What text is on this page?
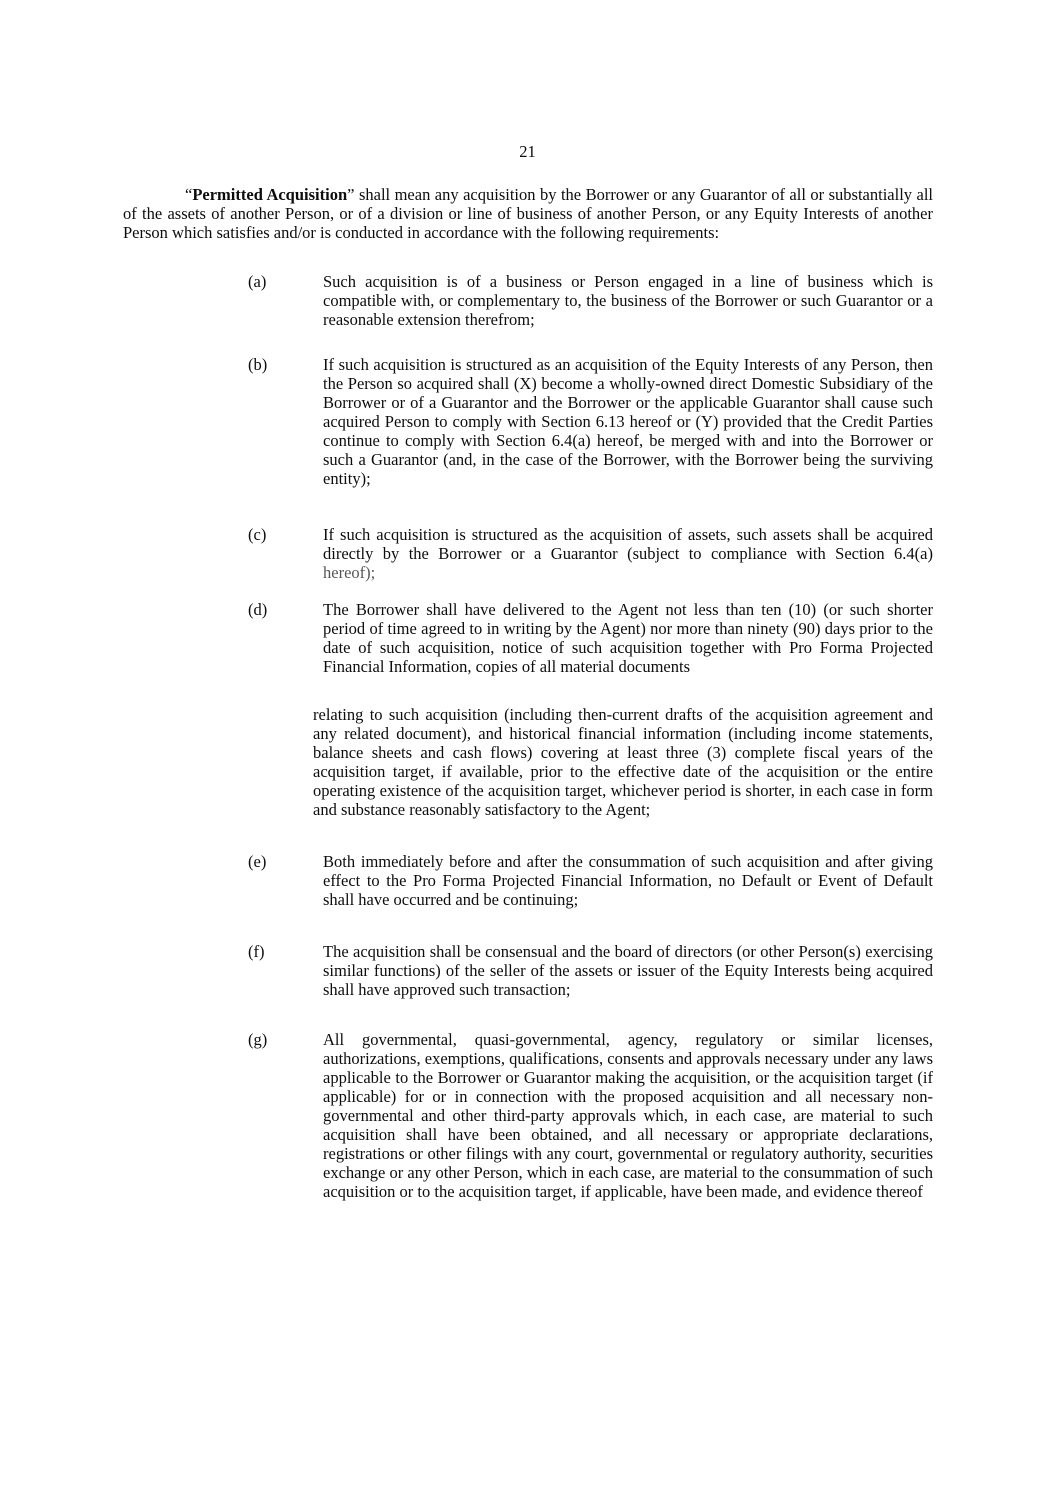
21

“Permitted Acquisition” shall mean any acquisition by the Borrower or any Guarantor of all or substantially all of the assets of another Person, or of a division or line of business of another Person, or any Equity Interests of another Person which satisfies and/or is conducted in accordance with the following requirements:

(a)	Such acquisition is of a business or Person engaged in a line of business which is compatible with, or complementary to, the business of the Borrower or such Guarantor or a reasonable extension therefrom;
(b)	If such acquisition is structured as an acquisition of the Equity Interests of any Person, then the Person so acquired shall (X) become a wholly-owned direct Domestic Subsidiary of the Borrower or of a Guarantor and the Borrower or the applicable Guarantor shall cause such acquired Person to comply with Section 6.13 hereof or (Y) provided that the Credit Parties continue to comply with Section 6.4(a) hereof, be merged with and into the Borrower or such a Guarantor (and, in the case of the Borrower, with the Borrower being the surviving entity);
(c)	If such acquisition is structured as the acquisition of assets, such assets shall be acquired directly by the Borrower or a Guarantor (subject to compliance with Section 6.4(a)
hereof);
(d)	The Borrower shall have delivered to the Agent not less than ten (10) (or such shorter period of time agreed to in writing by the Agent) nor more than ninety (90) days prior to the date of such acquisition, notice of such acquisition together with Pro Forma Projected Financial Information, copies of all material documents
relating to such acquisition (including then-current drafts of the acquisition agreement and any related document), and historical financial information (including income statements, balance sheets and cash flows) covering at least three (3) complete fiscal years of the acquisition target, if available, prior to the effective date of the acquisition or the entire operating existence of the acquisition target, whichever period is shorter, in each case in form and substance reasonably satisfactory to the Agent;
(e)	Both immediately before and after the consummation of such acquisition and after giving effect to the Pro Forma Projected Financial Information, no Default or Event of Default shall have occurred and be continuing;
(f)	The acquisition shall be consensual and the board of directors (or other Person(s) exercising similar functions) of the seller of the assets or issuer of the Equity Interests being acquired shall have approved such transaction;
(g)	All governmental, quasi-governmental, agency, regulatory or similar licenses, authorizations, exemptions, qualifications, consents and approvals necessary under any laws applicable to the Borrower or Guarantor making the acquisition, or the acquisition target (if applicable) for or in connection with the proposed acquisition and all necessary non-governmental and other third-party approvals which, in each case, are material to such acquisition shall have been obtained, and all necessary or appropriate declarations, registrations or other filings with any court, governmental or regulatory authority, securities exchange or any other Person, which in each case, are material to the consummation of such acquisition or to the acquisition target, if applicable, have been made, and evidence thereof
